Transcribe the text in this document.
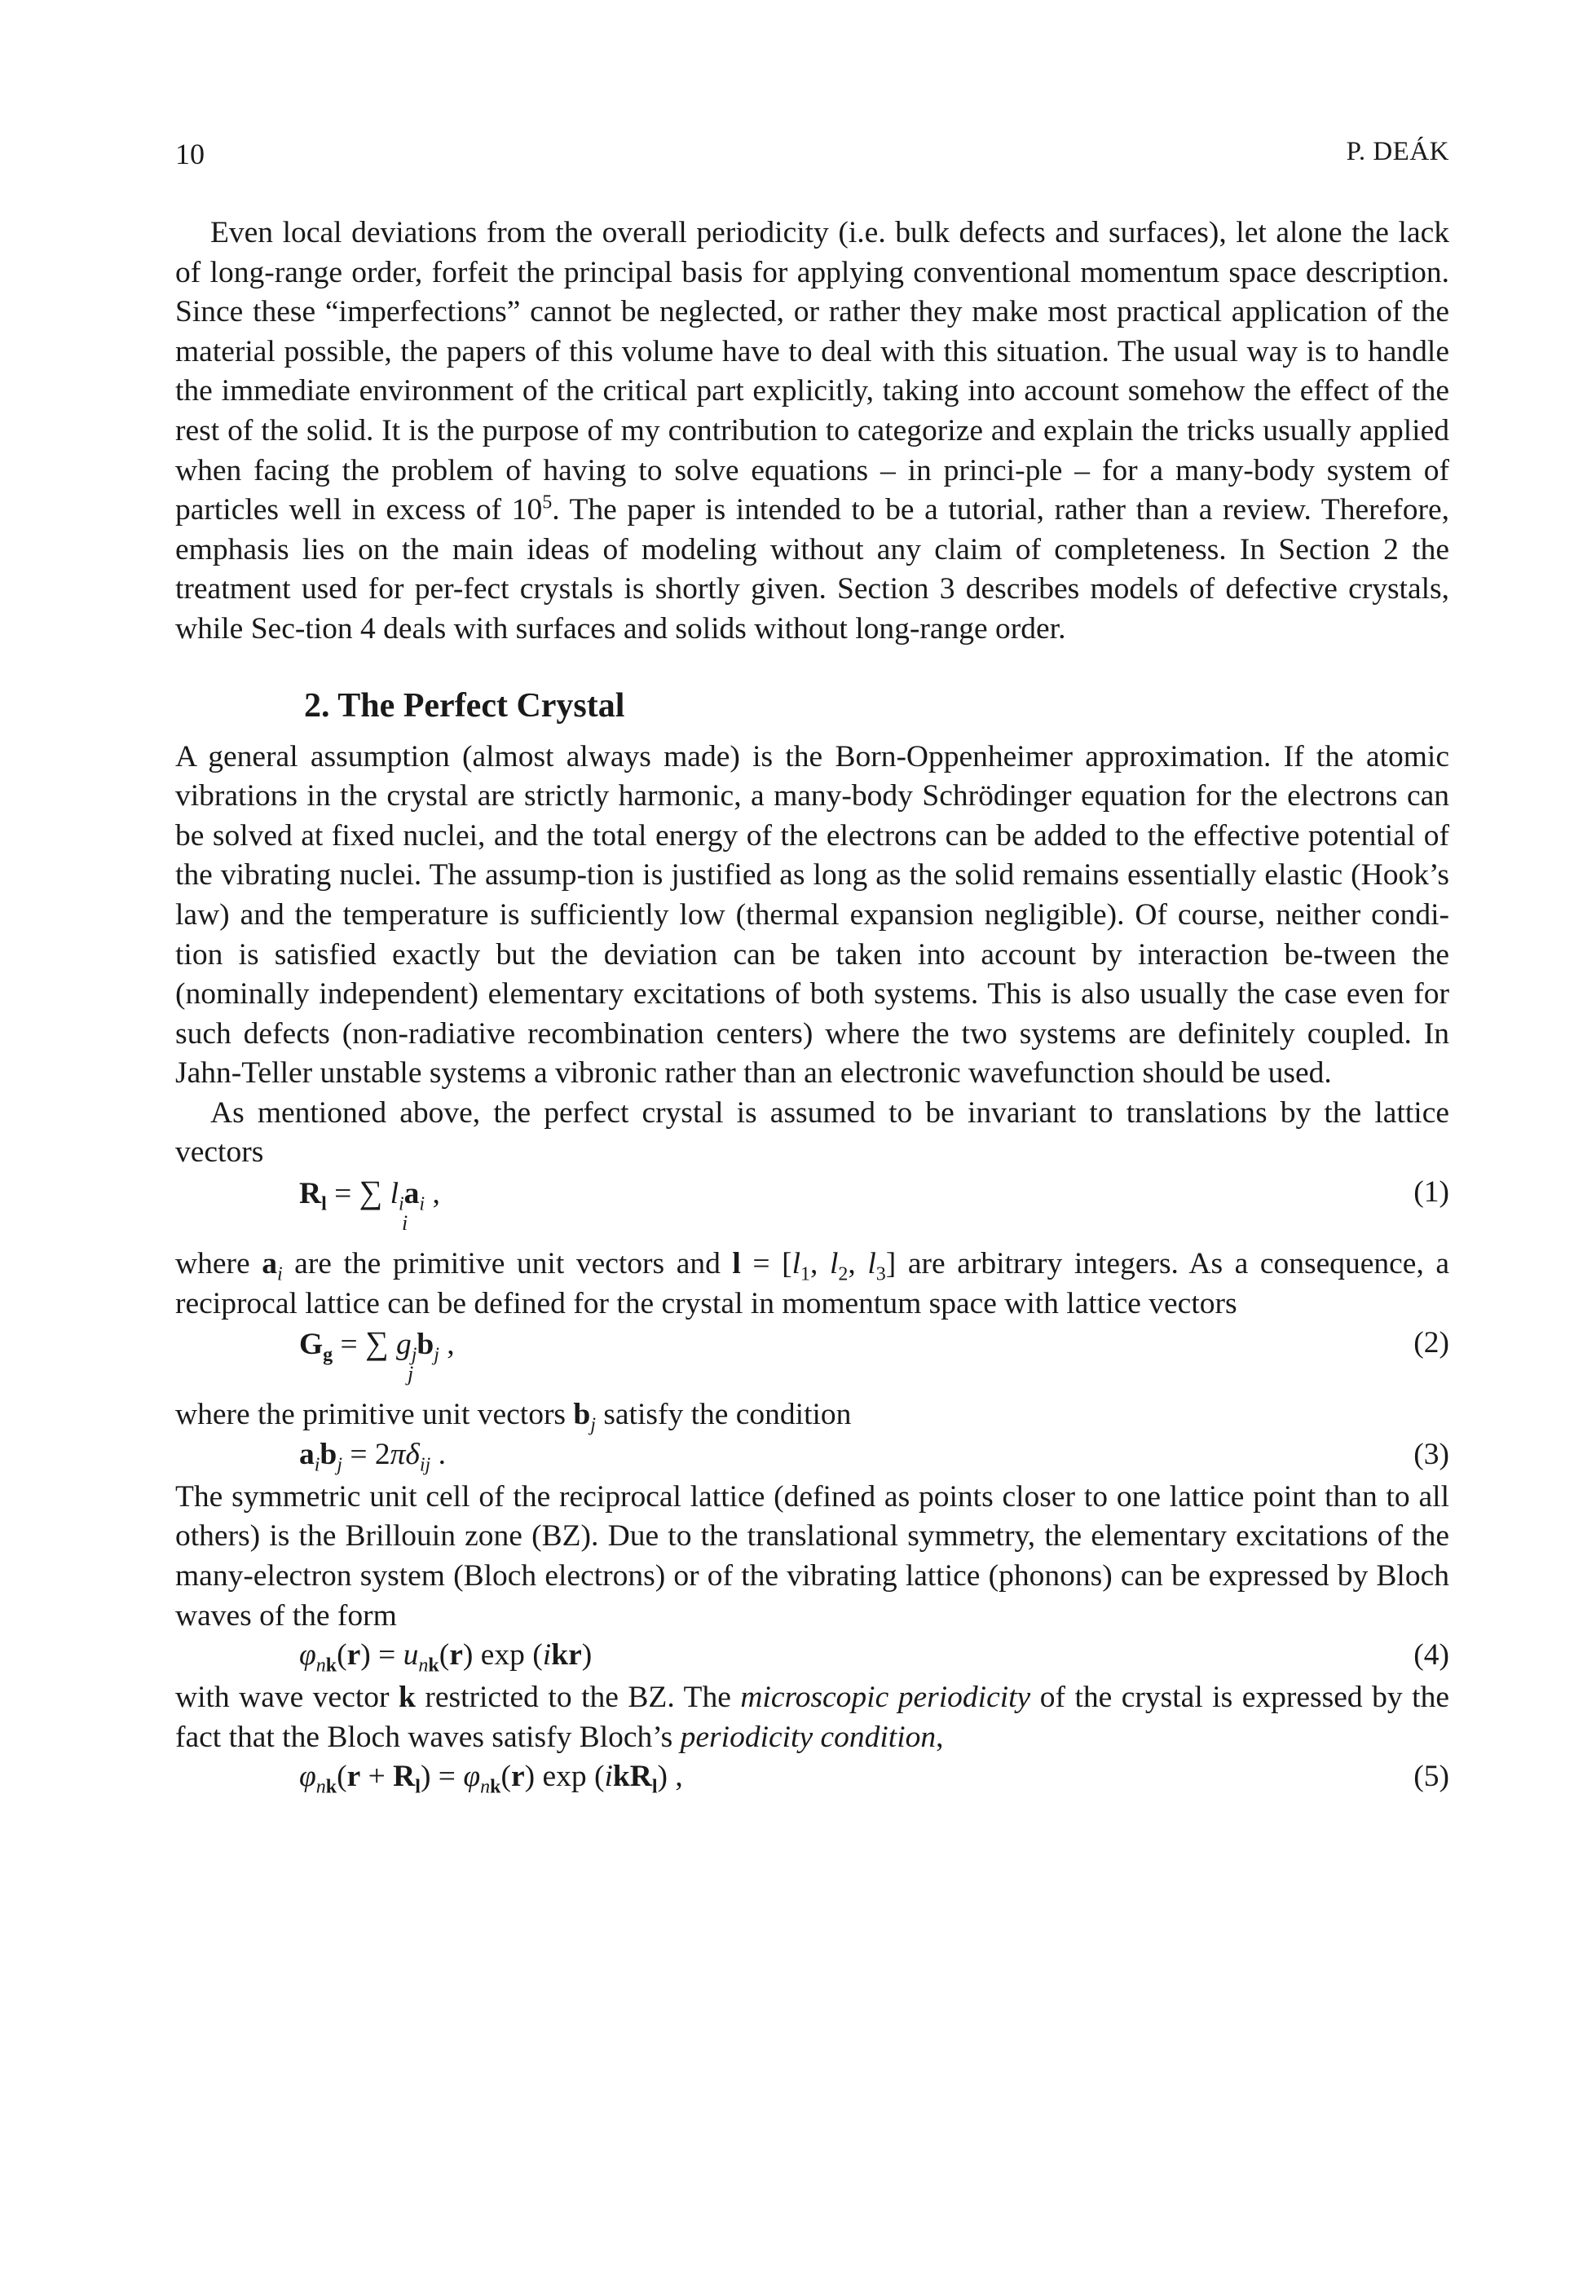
10	P. DEÁK

Even local deviations from the overall periodicity (i.e. bulk defects and surfaces), let alone the lack of long-range order, forfeit the principal basis for applying conventional momentum space description. Since these “imperfections” cannot be neglected, or rather they make most practical application of the material possible, the papers of this volume have to deal with this situation. The usual way is to handle the immediate environment of the critical part explicitly, taking into account somehow the effect of the rest of the solid. It is the purpose of my contribution to categorize and explain the tricks usually applied when facing the problem of having to solve equations – in princi-ple – for a many-body system of particles well in excess of $10^5$. The paper is intended to be a tutorial, rather than a review. Therefore, emphasis lies on the main ideas of modeling without any claim of completeness. In Section 2 the treatment used for per-fect crystals is shortly given. Section 3 describes models of defective crystals, while Sec-tion 4 deals with surfaces and solids without long-range order.

2. The Perfect Crystal

A general assumption (almost always made) is the Born-Oppenheimer approximation. If the atomic vibrations in the crystal are strictly harmonic, a many-body Schrödinger equation for the electrons can be solved at fixed nuclei, and the total energy of the electrons can be added to the effective potential of the vibrating nuclei. The assump-tion is justified as long as the solid remains essentially elastic (Hook’s law) and the temperature is sufficiently low (thermal expansion negligible). Of course, neither condi-tion is satisfied exactly but the deviation can be taken into account by interaction be-tween the (nominally independent) elementary excitations of both systems. This is also usually the case even for such defects (non-radiative recombination centers) where the two systems are definitely coupled. In Jahn-Teller unstable systems a vibronic rather than an electronic wavefunction should be used.

As mentioned above, the perfect crystal is assumed to be invariant to translations by the lattice vectors

$R_l$ = ∑ $l_ia_i$ ,
i
(1)

where $a_i$ are the primitive unit vectors and $l = [l_1$, $l_2$, $l_3$] are arbitrary integers. As a consequence, a reciprocal lattice can be defined for the crystal in momentum space with lattice vectors

$G_g$ = ∑ $g_jb_j$ ,
j
(2)

where the primitive unit vectors $b_j$ satisfy the condition

$a_ib_j = 2\pi\delta_{ij}$ .	(3)

The symmetric unit cell of the reciprocal lattice (defined as points closer to one lattice point than to all others) is the Brillouin zone (BZ). Due to the translational symmetry, the elementary excitations of the many-electron system (Bloch electrons) or of the vibrating lattice (phonons) can be expressed by Bloch waves of the form

$\varphi_{nk}(r) = u_{nk}(r)$ exp (ikr)	(4)

with wave vector k restricted to the BZ. The microscopic periodicity of the crystal is expressed by the fact that the Bloch waves satisfy Bloch’s periodicity condition,

$\varphi_{nk}(r + R_l) = \varphi_{nk}(r)$ exp (ikR$_l$) ,	(5)
